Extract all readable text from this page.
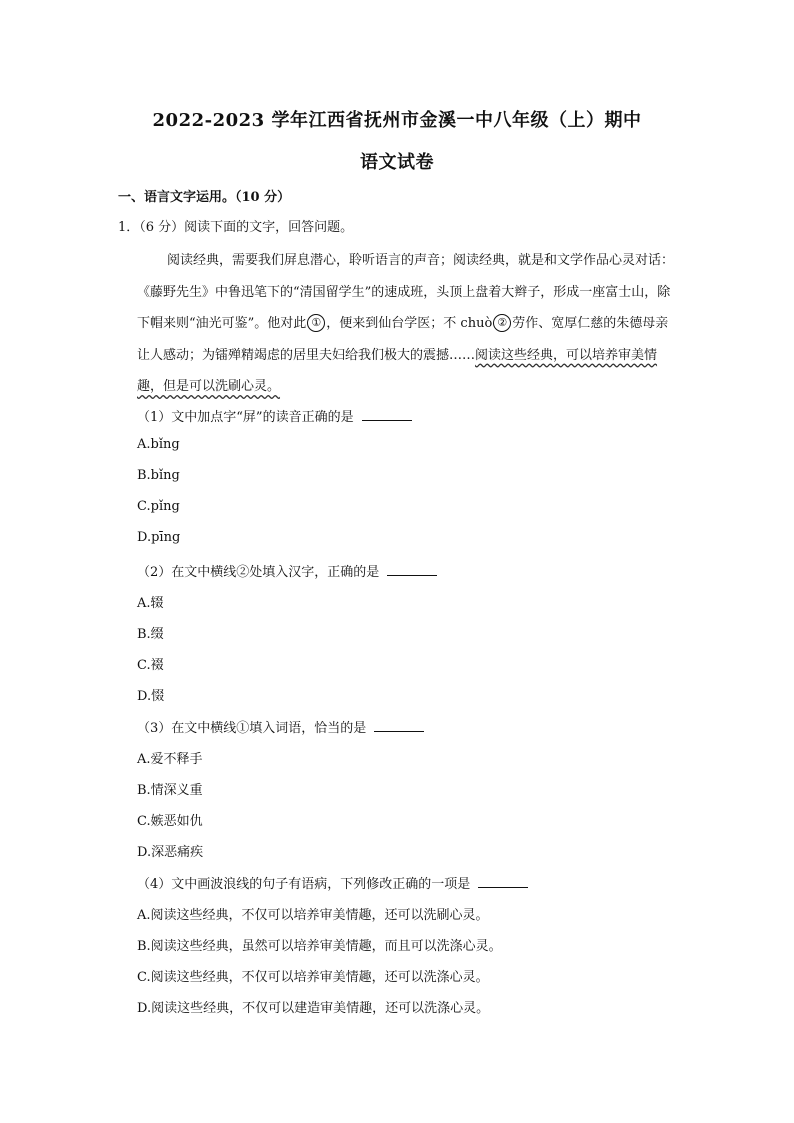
2022-2023 学年江西省抚州市金溪一中八年级（上）期中
语文试卷
一、语言文字运用。（10 分）
1．（6 分）阅读下面的文字，回答问题。
阅读经典，需要我们屏息潜心，聆听语言的声音；阅读经典，就是和文学作品心灵对话：《藤野先生》中鲁迅笔下的“清国留学生”的速成班，头顶上盘着大辫子，形成一座富士山，除下帽来则“油光可鉴”。他对此 ① ，便来到仙台学医；不 chuò ② 劳作、宽厚仁慈的朱德母亲让人感动；为镭殚精竭虑的居里夫妇给我们极大的震撼……阅读这些经典，可以培养审美情趣，但是可以洗刷心灵。
（1）文中加点字“屏”的读音正确的是
A.bǐng
B.bǐng
C.pǐng
D.pīng
（2）在文中横线②处填入汉字，正确的是
A.辍
B.缀
C.裰
D.惙
（3）在文中横线①填入词语，恰当的是
A.爱不释手
B.情深义重
C.嫉恶如仇
D.深恶痛疾
（4）文中画波浪线的句子有语病，下列修改正确的一项是
A.阅读这些经典，不仅可以培养审美情趣，还可以洗刷心灵。
B.阅读这些经典，虽然可以培养审美情趣，而且可以洗涤心灵。
C.阅读这些经典，不仅可以培养审美情趣，还可以洗涤心灵。
D.阅读这些经典，不仅可以建造审美情趣，还可以洗涤心灵。
